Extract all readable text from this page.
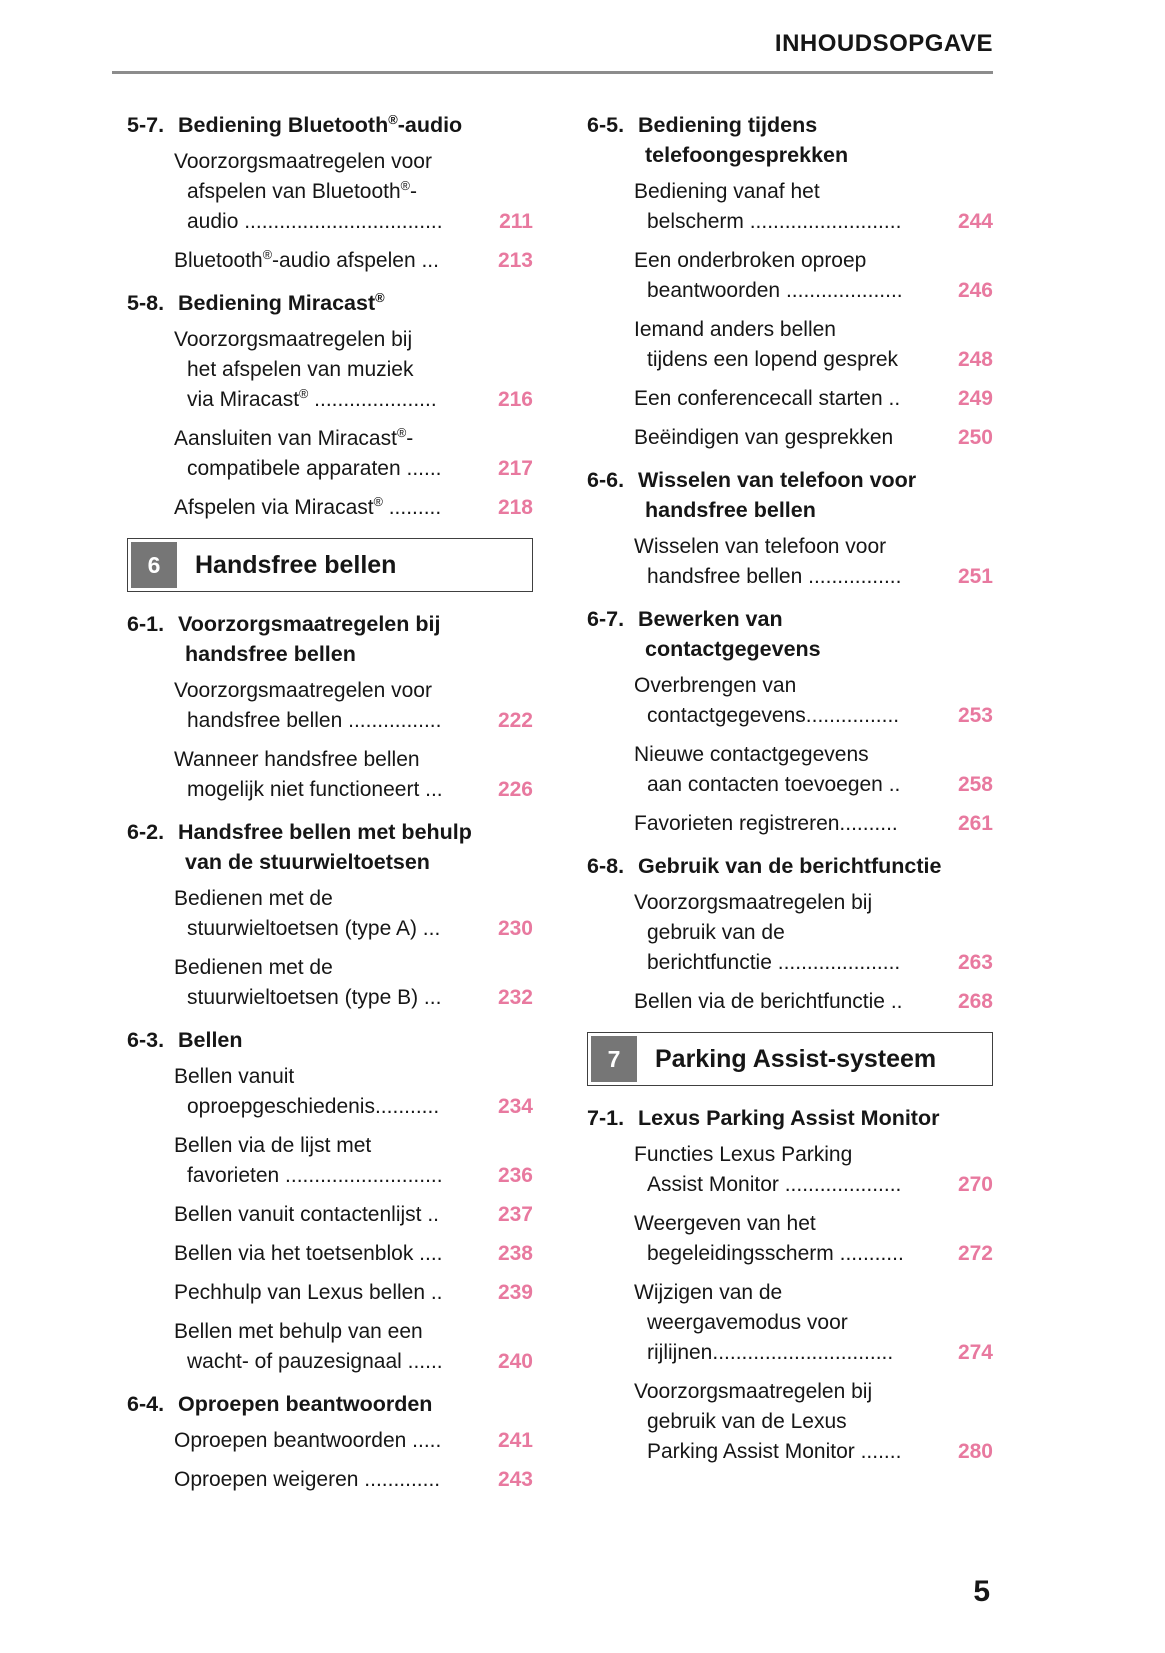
INHOUDSOPGAVE
5-7. Bediening Bluetooth®-audio
Voorzorgsmaatregelen voor
afspelen van Bluetooth®-
audio ..................................	211
Bluetooth®-audio afspelen ...	213
5-8. Bediening Miracast®
Voorzorgsmaatregelen bij
het afspelen van muziek
via Miracast® .....................	216
Aansluiten van Miracast®-
compatibele apparaten ......	217
Afspelen via Miracast® .........	218
6	Handsfree bellen
6-1. Voorzorgsmaatregelen bij
handsfree bellen
Voorzorgsmaatregelen voor
handsfree bellen ................	222
Wanneer handsfree bellen
mogelijk niet functioneert ...	226
6-2. Handsfree bellen met behulp
van de stuurwieltoetsen
Bedienen met de
stuurwieltoetsen (type A) ...	230
Bedienen met de
stuurwieltoetsen (type B) ...	232
6-3. Bellen
Bellen vanuit
oproepgeschiedenis...........	234
Bellen via de lijst met
favorieten ...........................	236
Bellen vanuit contactenlijst ..	237
Bellen via het toetsenblok ....	238
Pechhulp van Lexus bellen ..	239
Bellen met behulp van een
wacht- of pauzesignaal ......	240
6-4. Oproepen beantwoorden
Oproepen beantwoorden .....	241
Oproepen weigeren .............	243
6-5. Bediening tijdens
telefoongesprekken
Bediening vanaf het
belscherm ..........................	244
Een onderbroken oproep
beantwoorden ....................	246
Iemand anders bellen
tijdens een lopend gesprek	248
Een conferencecall starten ..	249
Beëindigen van gesprekken	250
6-6. Wisselen van telefoon voor
handsfree bellen
Wisselen van telefoon voor
handsfree bellen ................	251
6-7. Bewerken van
contactgegevens
Overbrengen van
contactgegevens................	253
Nieuwe contactgegevens
aan contacten toevoegen ..	258
Favorieten registreren..........	261
6-8. Gebruik van de berichtfunctie
Voorzorgsmaatregelen bij
gebruik van de
berichtfunctie .....................	263
Bellen via de berichtfunctie ..	268
7	Parking Assist-systeem
7-1. Lexus Parking Assist Monitor
Functies Lexus Parking
Assist Monitor ....................	270
Weergeven van het
begeleidingsscherm ...........	272
Wijzigen van de
weergavemodus voor
rijlijnen...............................	274
Voorzorgsmaatregelen bij
gebruik van de Lexus
Parking Assist Monitor .......	280
5
